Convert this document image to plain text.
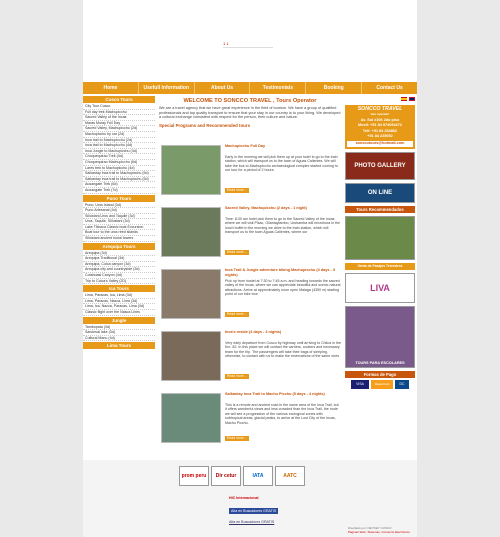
1 1
Home	Usefull Information	About Us	Testimonials	Booking	Contact Us
Cusco Tours
City Tour Cusco
Full day trek Machupicchu
Sacred Valley of the Incas
Maras Moray Full Day
Sacred Valley, Machupicchu (2d)
Machupicchu by car (2d)
Inca trail to Machupicchu (2d)
Inca trail to Machupicchu (4d)
Inca Jungle to Machupicchu (4d)
Choquequirao Trek (4d)
Choquequirao Machupicchu (6d)
Lares trek to Machupicchu (4d)
Salkantay inca trail to Machupicchu (5d)
Salkantay inca trail to Machupicchu (5d)
Ausangate Trek (6d)
Ausangate Trek (7d)
Puno Tours
Puno, Uros Island (3d)
Puno Artesanal (4d)
Sillustani,Uros and Taquile (3d)
Uros, Taquile, Sillustani (3d)
Lake Titicaca Classic boat Excursion
Boat tour to the uros reed islands
Sillustani ancient burial towers
Arequipa Tours
Arequipa (3d)
Arequipa Traditional (3d)
Arequipa, Colca canyon (3d)
Arequipa city and countryside (3d)
Cotahuasi Canyon (4d)
Trip to Colca's Valley (2D)
Ica Tours
Lima, Paracas, Ica, Lima (3d)
Lima, Paracas, Nazca, Lima (3d)
Lima, Ica, Nazca, Paracas, Lima (3d)
Classic flight over the Nasca Lines
Jungle
Tambopata (3d)
Sandoval lake (3d)
Cultural Manu (4d)
Lima Tours
WELCOME TO SONCCO TRAVEL , Tours Operator
We are a travel agency that we have great experience in the field of tourism. We have a group of qualified professionals and top quality transport to ensure that your stay in our country is to your liking. We developed a cultural exchange consistent with respect for the person, their culture and nature.
Special Programs and Recommended tours
Machupicchu Full Day
Early in the morning we will pick them up at your hotel to go to the train station, which will transport us to the town of Aguas Calientes. We will take the bus to Machupicchu archaeological complex started coming to our tour for a period of 2 hours.
Read more...
Sacred Valley, Machupicchu (2 days - 1 night)
Time: 8:30 am hotel pick them to go to the Sacred Valley of the Incas where we will visit Pisac, Ollantaytambo, Urubamba will microhora in the lunch buffet in the morning we drive to the train station, which will transport us to the town Aguas Calientes, where our
Read more...
Inca Trail & Jungle adventure biking Machupicchu (4 days - 3 nights)
Pick up from hostel at 7:30 to 7:45 a.m. and heading towards the sacred valley of the Incas, where we can appreciate beautiful and scenic natural attractions. Arrive at approximately noon open Malaga (4350 m) starting point of our bike tour
Read more...
Inca's reside (4 days - 3 nights)
Very early departure from Cusco by highway until arriving to Chilca in the Km. 82. In this place we will contact the carriers, cookers and necessary team for the trip. The passengers will take their bags of sleeping, otherwise, to contact with us to make the reservations of the same ones
Read more...
Salkantay Inca Trail to Machu Picchu (5 days - 4 nights)
This is a remote and ancient road in the same area of the Inca Trail, but it offers wonderful views and less crowded than the Inca Trail, the route we will see a progression of the various ecological zones with subtropical areas, glacial peaks, to arrive at the Lost City of the Incas, Machu Picchu.
Read more...
SONCCO TRAVEL
tour operator
Av. Sol #106 2do piso
Movil: +51 84 974094472
Telf: +51 84 254862
+51 84 225052
sonccotours@hotmail.com
PHOTO GALLERY
ON LINE
Tours Recommendados
Venta de Pasajes Terrestres
LIVA
TOURS PARA ESCOLARES
Formas de Pago
VISA	MasterCard	DC
prom peru	Dir cetur	IATA	AATC
HIC Internacional
Alta en Buscadores GRATIS
Alta en Buscadores GRATIS
Diseñado por: NEYNEY CUSCO
Páginas Web, Sistemas, Comercio Electrónico
